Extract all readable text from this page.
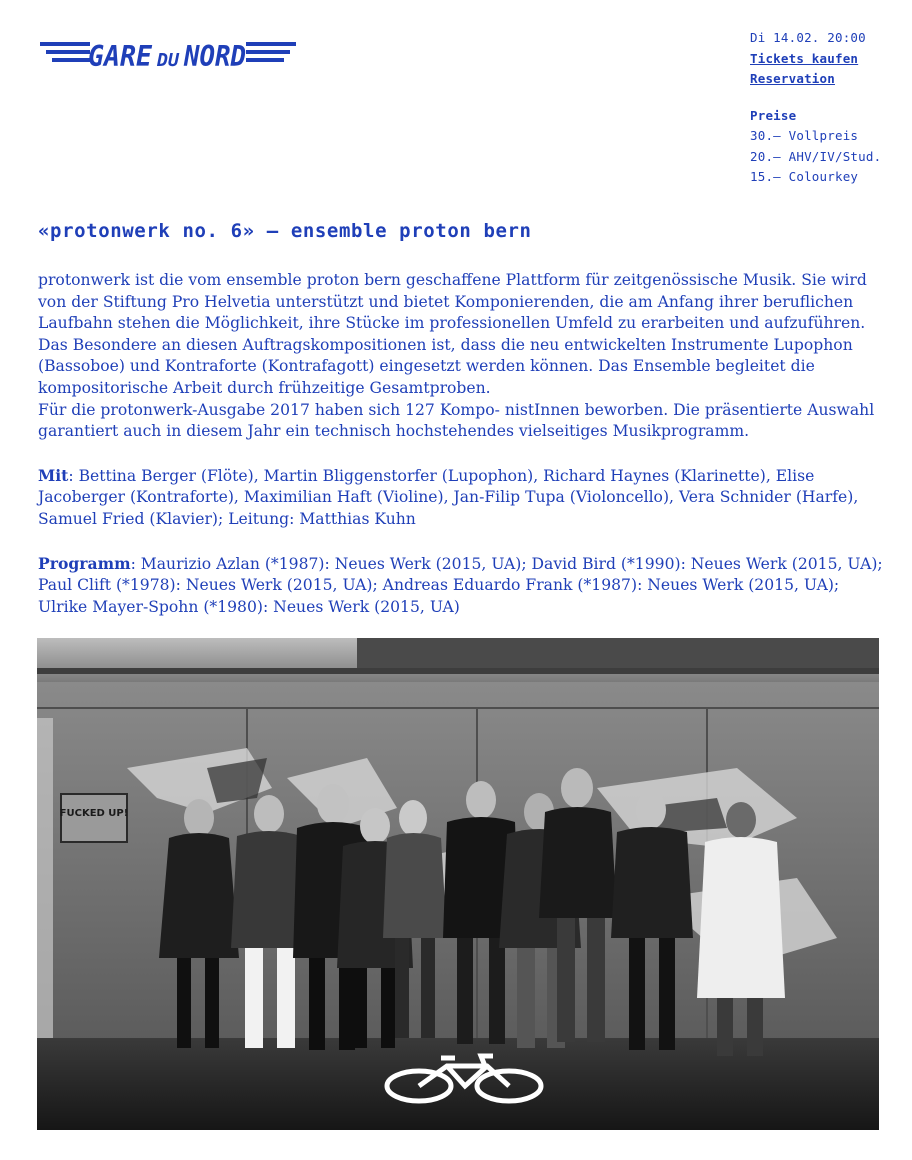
GARE DU NORD
Di 14.02. 20:00
Tickets kaufen
Reservation
Preise
30.– Vollpreis
20.– AHV/IV/Stud.
15.– Colourkey
«protonwerk no. 6» – ensemble proton bern

protonwerk ist die vom ensemble proton bern geschaffene Plattform für zeitgenössische Musik. Sie wird von der Stiftung Pro Helvetia unterstützt und bietet Komponierenden, die am Anfang ihrer beruflichen Laufbahn stehen die Möglichkeit, ihre Stücke im professionellen Umfeld zu erarbeiten und aufzuführen. Das Besondere an diesen Auftragskompositionen ist, dass die neu entwickelten Instrumente Lupophon (Bassoboe) und Kontraforte (Kontrafagott) eingesetzt werden können. Das Ensemble begleitet die kompositorische Arbeit durch frühzeitige Gesamtproben.

Für die protonwerk-Ausgabe 2017 haben sich 127 Kompo- nistInnen beworben. Die präsentierte Auswahl garantiert auch in diesem Jahr ein technisch hochstehendes vielseitiges Musikprogramm.

Mit: Bettina Berger (Flöte), Martin Bliggenstorfer (Lupophon), Richard Haynes (Klarinette), Elise Jacoberger (Kontraforte), Maximilian Haft (Violine), Jan-Filip Tupa (Violoncello), Vera Schnider (Harfe), Samuel Fried (Klavier); Leitung: Matthias Kuhn

Programm: Maurizio Azlan (*1987): Neues Werk (2015, UA); David Bird (*1990): Neues Werk (2015, UA); Paul Clift (*1978): Neues Werk (2015, UA); Andreas Eduardo Frank (*1987): Neues Werk (2015, UA); Ulrike Mayer-Spohn (*1980): Neues Werk (2015, UA)

FUCKED UP!
